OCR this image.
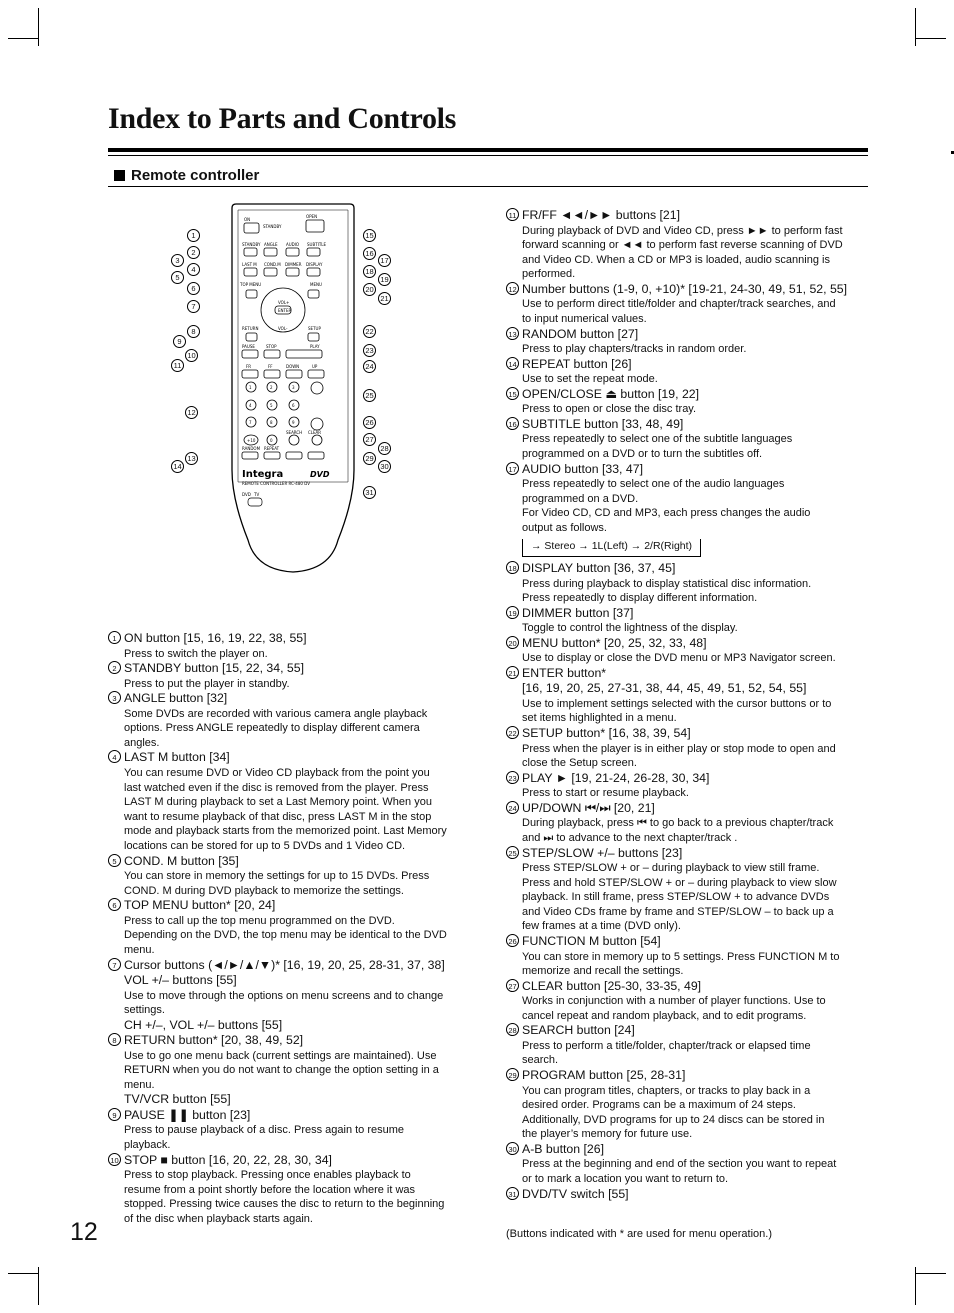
Index to Parts and Controls
Remote controller
ON
STANDBY
OPEN
STANDBY ANGLE AUDIO SUBTITLE
LAST M COND.M DIMMER DISPLAY
TOP MENU	MENU
VOL+
VOL-
ENTER
RETURN	SETUP
PAUSE	STOP	PLAY
FR	FF	DOWN	UP
1	2	3
4	5	6
7	8	9
+10	0
SEARCH CLEAR
RANDOM REPEAT
REMOTE CONTROLLER RC-480 DV
DVD TV
Integra	DVD
1
2
3
4
5
6
7
8
9
10
11
12
13
14
15
16
17
18
19
20
21
22
23
24
25
26
27
28
29
30
31
1 ON button [15, 16, 19, 22, 38, 55]
Press to switch the player on.
2 STANDBY button [15, 22, 34, 55]
Press to put the player in standby.
3 ANGLE button [32]
Some DVDs are recorded with various camera angle playback
options. Press ANGLE repeatedly to display different camera
angles.
4 LAST M button [34]
You can resume DVD or Video CD playback from the point you
last watched even if the disc is removed from the player. Press
LAST M during playback to set a Last Memory point. When you
want to resume playback of that disc, press LAST M in the stop
mode and playback starts from the memorized point. Last Memory
locations can be stored for up to 5 DVDs and 1 Video CD.
5 COND. M button [35]
You can store in memory the settings for up to 15 DVDs. Press
COND. M during DVD playback to memorize the settings.
6 TOP MENU button* [20, 24]
Press to call up the top menu programmed on the DVD.
Depending on the DVD, the top menu may be identical to the DVD
menu.
7 Cursor buttons (◄/►/▲/▼)* [16, 19, 20, 25, 28-31, 37, 38]
VOL +/– buttons [55]
Use to move through the options on menu screens and to change
settings.
CH +/–, VOL +/– buttons [55]
8 RETURN button* [20, 38, 49, 52]
Use to go one menu back (current settings are maintained). Use
RETURN when you do not want to change the option setting in a
menu.
TV/VCR button [55]
9 PAUSE ❚❚ button [23]
Press to pause playback of a disc. Press again to resume
playback.
10 STOP ■ button [16, 20, 22, 28, 30, 34]
Press to stop playback. Pressing once enables playback to
resume from a point shortly before the location where it was
stopped. Pressing twice causes the disc to return to the beginning
of the disc when playback starts again.
11 FR/FF ◄◄/►► buttons [21]
During playback of DVD and Video CD, press ►► to perform fast
forward scanning or ◄◄ to perform fast reverse scanning of DVD
and Video CD. When a CD or MP3 is loaded, audio scanning is
performed.
12 Number buttons (1-9, 0, +10)* [19-21, 24-30, 49, 51, 52, 55]
Use to perform direct title/folder and chapter/track searches, and
to input numerical values.
13 RANDOM button [27]
Press to play chapters/tracks in random order.
14 REPEAT button [26]
Use to set the repeat mode.
15 OPEN/CLOSE ⏏ button [19, 22]
Press to open or close the disc tray.
16 SUBTITLE button [33, 48, 49]
Press repeatedly to select one of the subtitle languages
programmed on a DVD or to turn the subtitles off.
17 AUDIO button [33, 47]
Press repeatedly to select one of the audio languages
programmed on a DVD.
For Video CD, CD and MP3, each press changes the audio
output as follows.
→ Stereo → 1L(Left) → 2/R(Right)
18 DISPLAY button [36, 37, 45]
Press during playback to display statistical disc information.
Press repeatedly to display different information.
19 DIMMER button [37]
Toggle to control the lightness of the display.
20 MENU button* [20, 25, 32, 33, 48]
Use to display or close the DVD menu or MP3 Navigator screen.
21 ENTER button*
[16, 19, 20, 25, 27-31, 38, 44, 45, 49, 51, 52, 54, 55]
Use to implement settings selected with the cursor buttons or to
set items highlighted in a menu.
22 SETUP button* [16, 38, 39, 54]
Press when the player is in either play or stop mode to open and
close the Setup screen.
23 PLAY ► [19, 21-24, 26-28, 30, 34]
Press to start or resume playback.
24 UP/DOWN ⏮/⏭ [20, 21]
During playback, press ⏮ to go back to a previous chapter/track
and ⏭ to advance to the next chapter/track .
25 STEP/SLOW +/– buttons [23]
Press STEP/SLOW + or – during playback to view still frame.
Press and hold STEP/SLOW + or – during playback to view slow
playback. In still frame, press STEP/SLOW + to advance DVDs
and Video CDs frame by frame and STEP/SLOW – to back up a
few frames at a time (DVD only).
26 FUNCTION M button [54]
You can store in memory up to 5 settings. Press FUNCTION M to
memorize and recall the settings.
27 CLEAR button [25-30, 33-35, 49]
Works in conjunction with a number of player functions. Use to
cancel repeat and random playback, and to edit programs.
28 SEARCH button [24]
Press to perform a title/folder, chapter/track or elapsed time
search.
29 PROGRAM button [25, 28-31]
You can program titles, chapters, or tracks to play back in a
desired order. Programs can be a maximum of 24 steps.
Additionally, DVD programs for up to 24 discs can be stored in
the player’s memory for future use.
30 A-B button [26]
Press at the beginning and end of the section you want to repeat
or to mark a location you want to return to.
31 DVD/TV switch [55]
12	(Buttons indicated with * are used for menu operation.)
